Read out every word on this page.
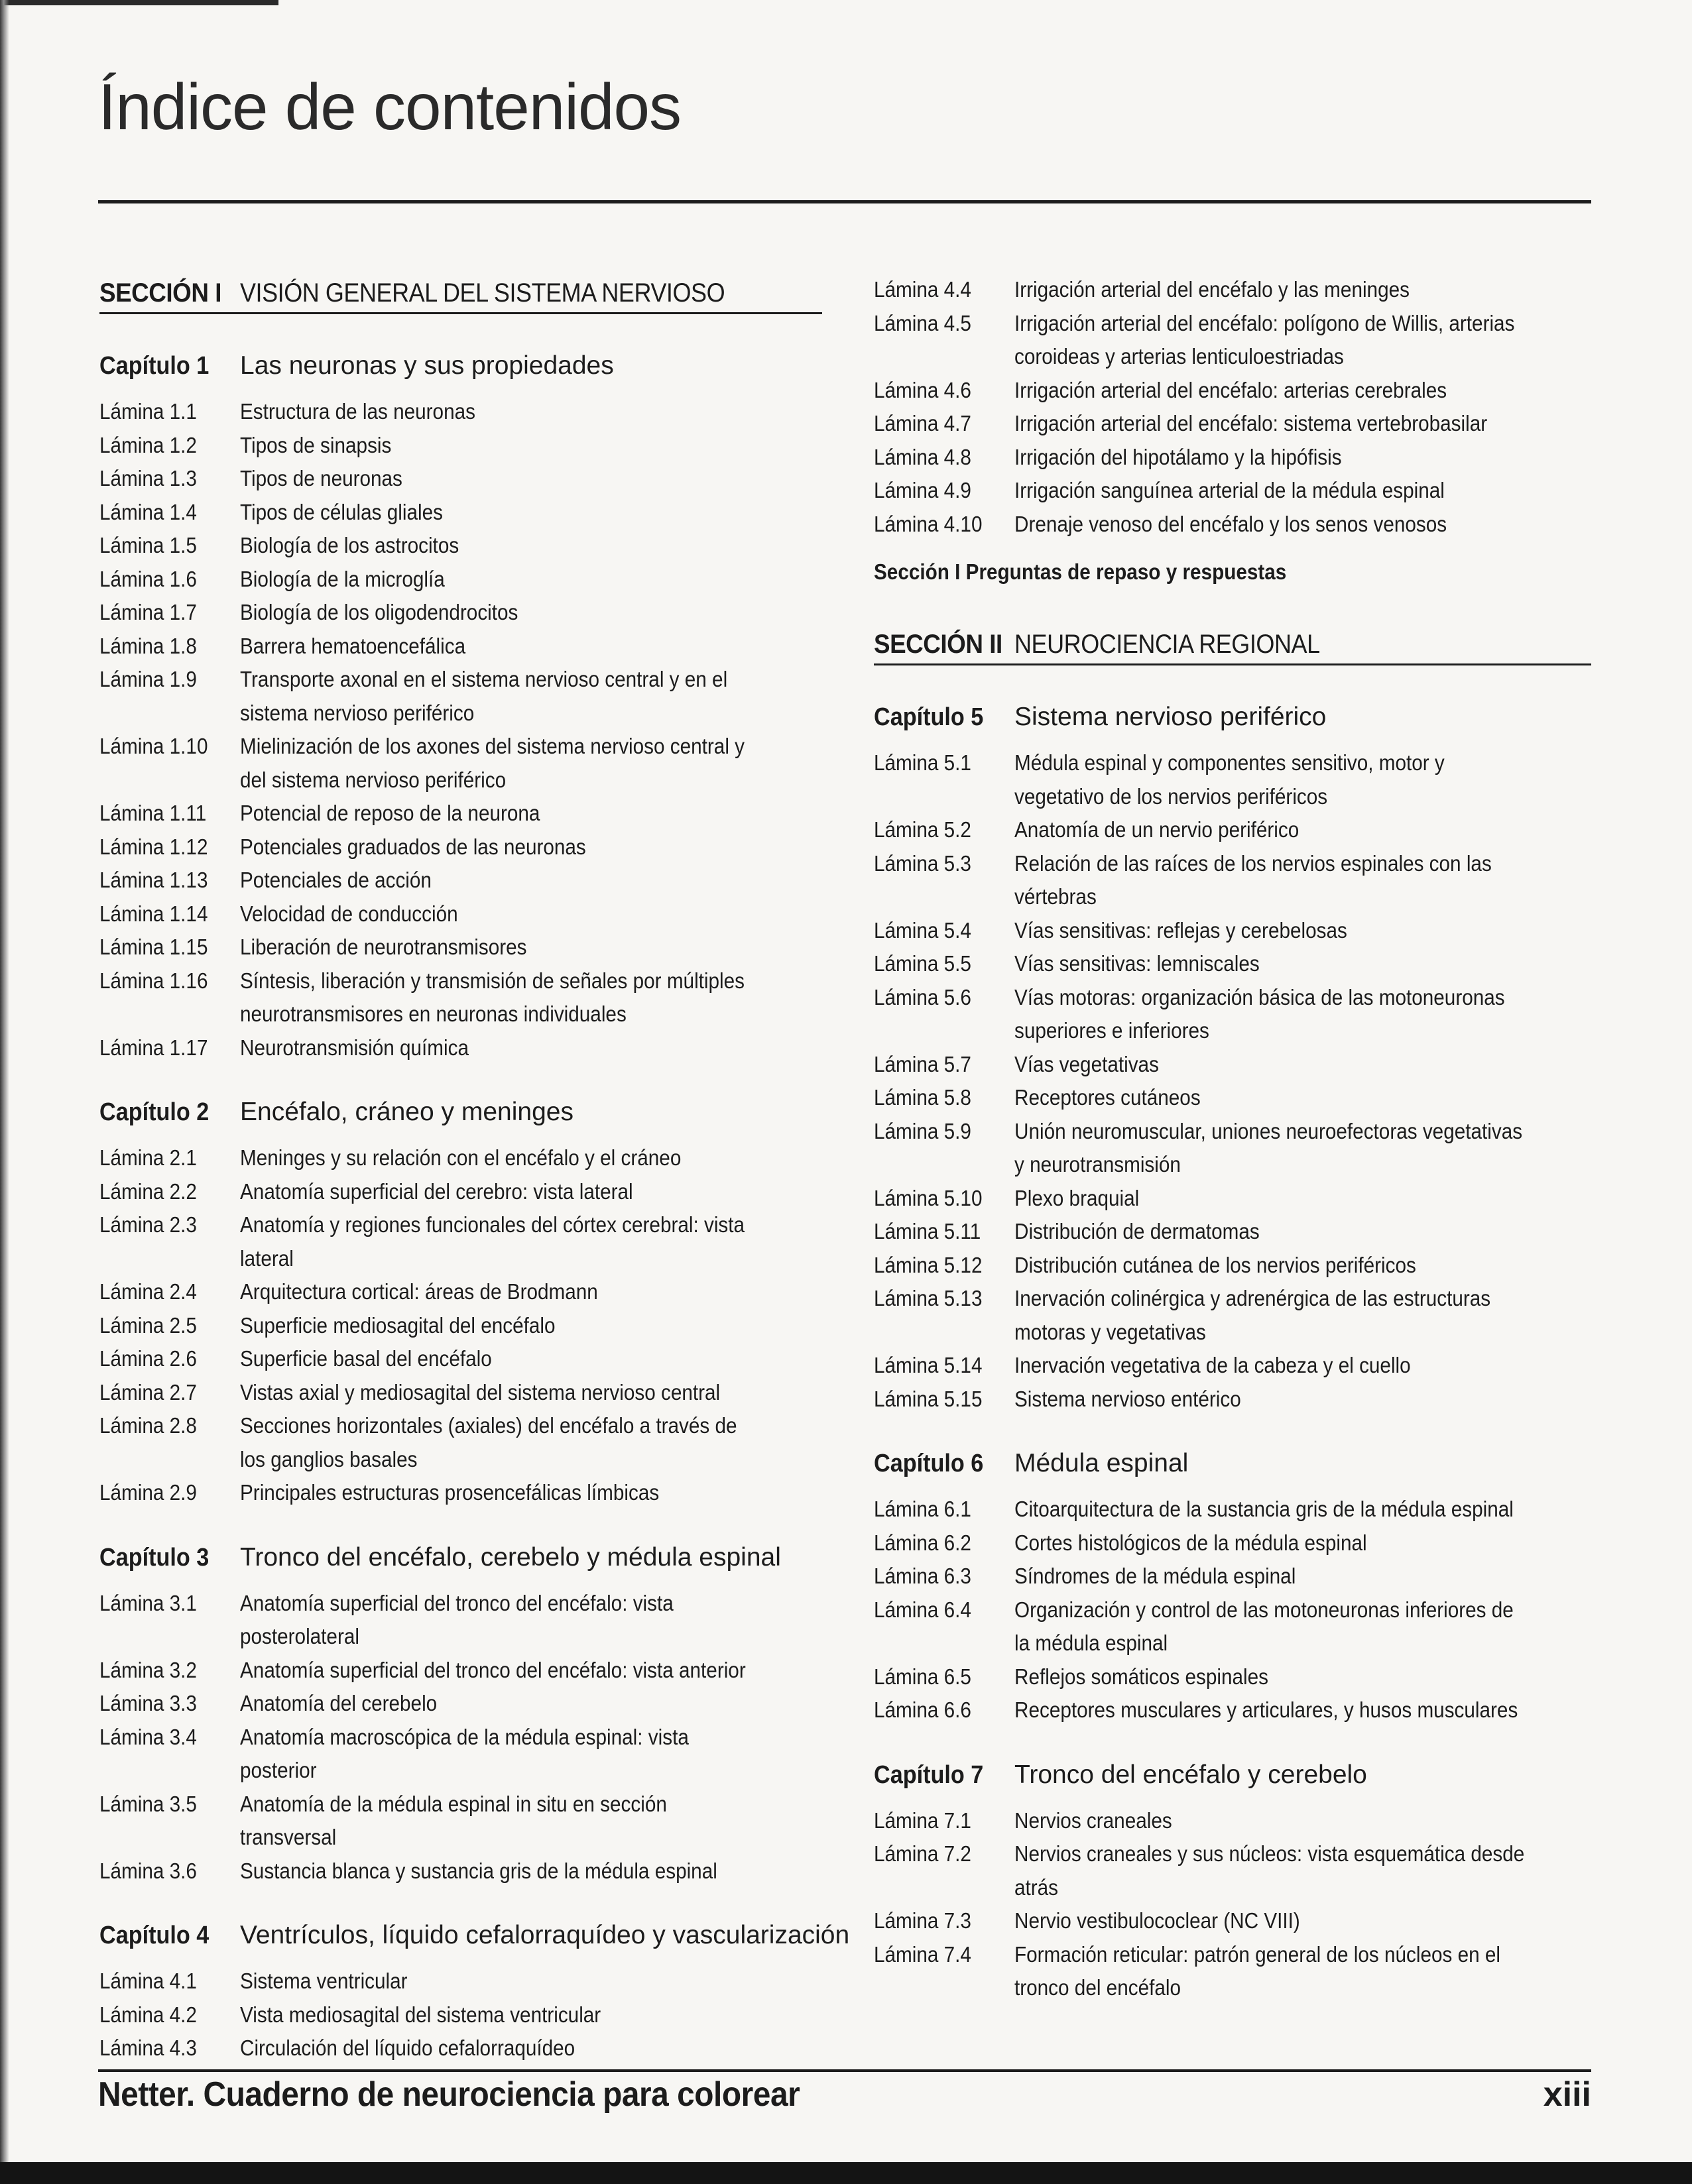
Índice de contenidos
SECCIÓN I VISIÓN GENERAL DEL SISTEMA NERVIOSO
Capítulo 1	Las neuronas y sus propiedades
Lámina 1.1	Estructura de las neuronas
Lámina 1.2	Tipos de sinapsis
Lámina 1.3	Tipos de neuronas
Lámina 1.4	Tipos de células gliales
Lámina 1.5	Biología de los astrocitos
Lámina 1.6	Biología de la microglía
Lámina 1.7	Biología de los oligodendrocitos
Lámina 1.8	Barrera hematoencefálica
Lámina 1.9	Transporte axonal en el sistema nervioso central y en el sistema nervioso periférico
Lámina 1.10	Mielinización de los axones del sistema nervioso central y del sistema nervioso periférico
Lámina 1.11	Potencial de reposo de la neurona
Lámina 1.12	Potenciales graduados de las neuronas
Lámina 1.13	Potenciales de acción
Lámina 1.14	Velocidad de conducción
Lámina 1.15	Liberación de neurotransmisores
Lámina 1.16	Síntesis, liberación y transmisión de señales por múltiples neurotransmisores en neuronas individuales
Lámina 1.17	Neurotransmisión química
Capítulo 2	Encéfalo, cráneo y meninges
Lámina 2.1	Meninges y su relación con el encéfalo y el cráneo
Lámina 2.2	Anatomía superficial del cerebro: vista lateral
Lámina 2.3	Anatomía y regiones funcionales del córtex cerebral: vista lateral
Lámina 2.4	Arquitectura cortical: áreas de Brodmann
Lámina 2.5	Superficie mediosagital del encéfalo
Lámina 2.6	Superficie basal del encéfalo
Lámina 2.7	Vistas axial y mediosagital del sistema nervioso central
Lámina 2.8	Secciones horizontales (axiales) del encéfalo a través de los ganglios basales
Lámina 2.9	Principales estructuras prosencefálicas límbicas
Capítulo 3	Tronco del encéfalo, cerebelo y médula espinal
Lámina 3.1	Anatomía superficial del tronco del encéfalo: vista posterolateral
Lámina 3.2	Anatomía superficial del tronco del encéfalo: vista anterior
Lámina 3.3	Anatomía del cerebelo
Lámina 3.4	Anatomía macroscópica de la médula espinal: vista posterior
Lámina 3.5	Anatomía de la médula espinal in situ en sección transversal
Lámina 3.6	Sustancia blanca y sustancia gris de la médula espinal
Capítulo 4	Ventrículos, líquido cefalorraquídeo y vascularización
Lámina 4.1	Sistema ventricular
Lámina 4.2	Vista mediosagital del sistema ventricular
Lámina 4.3	Circulación del líquido cefalorraquídeo
Lámina 4.4	Irrigación arterial del encéfalo y las meninges
Lámina 4.5	Irrigación arterial del encéfalo: polígono de Willis, arterias coroideas y arterias lenticuloestriadas
Lámina 4.6	Irrigación arterial del encéfalo: arterias cerebrales
Lámina 4.7	Irrigación arterial del encéfalo: sistema vertebrobasilar
Lámina 4.8	Irrigación del hipotálamo y la hipófisis
Lámina 4.9	Irrigación sanguínea arterial de la médula espinal
Lámina 4.10	Drenaje venoso del encéfalo y los senos venosos
Sección I Preguntas de repaso y respuestas
SECCIÓN II NEUROCIENCIA REGIONAL
Capítulo 5	Sistema nervioso periférico
Lámina 5.1	Médula espinal y componentes sensitivo, motor y vegetativo de los nervios periféricos
Lámina 5.2	Anatomía de un nervio periférico
Lámina 5.3	Relación de las raíces de los nervios espinales con las vértebras
Lámina 5.4	Vías sensitivas: reflejas y cerebelosas
Lámina 5.5	Vías sensitivas: lemniscales
Lámina 5.6	Vías motoras: organización básica de las motoneuronas superiores e inferiores
Lámina 5.7	Vías vegetativas
Lámina 5.8	Receptores cutáneos
Lámina 5.9	Unión neuromuscular, uniones neuroefectoras vegetativas y neurotransmisión
Lámina 5.10	Plexo braquial
Lámina 5.11	Distribución de dermatomas
Lámina 5.12	Distribución cutánea de los nervios periféricos
Lámina 5.13	Inervación colinérgica y adrenérgica de las estructuras motoras y vegetativas
Lámina 5.14	Inervación vegetativa de la cabeza y el cuello
Lámina 5.15	Sistema nervioso entérico
Capítulo 6	Médula espinal
Lámina 6.1	Citoarquitectura de la sustancia gris de la médula espinal
Lámina 6.2	Cortes histológicos de la médula espinal
Lámina 6.3	Síndromes de la médula espinal
Lámina 6.4	Organización y control de las motoneuronas inferiores de la médula espinal
Lámina 6.5	Reflejos somáticos espinales
Lámina 6.6	Receptores musculares y articulares, y husos musculares
Capítulo 7	Tronco del encéfalo y cerebelo
Lámina 7.1	Nervios craneales
Lámina 7.2	Nervios craneales y sus núcleos: vista esquemática desde atrás
Lámina 7.3	Nervio vestibulococlear (NC VIII)
Lámina 7.4	Formación reticular: patrón general de los núcleos en el tronco del encéfalo
Netter. Cuaderno de neurociencia para colorear	xiii
